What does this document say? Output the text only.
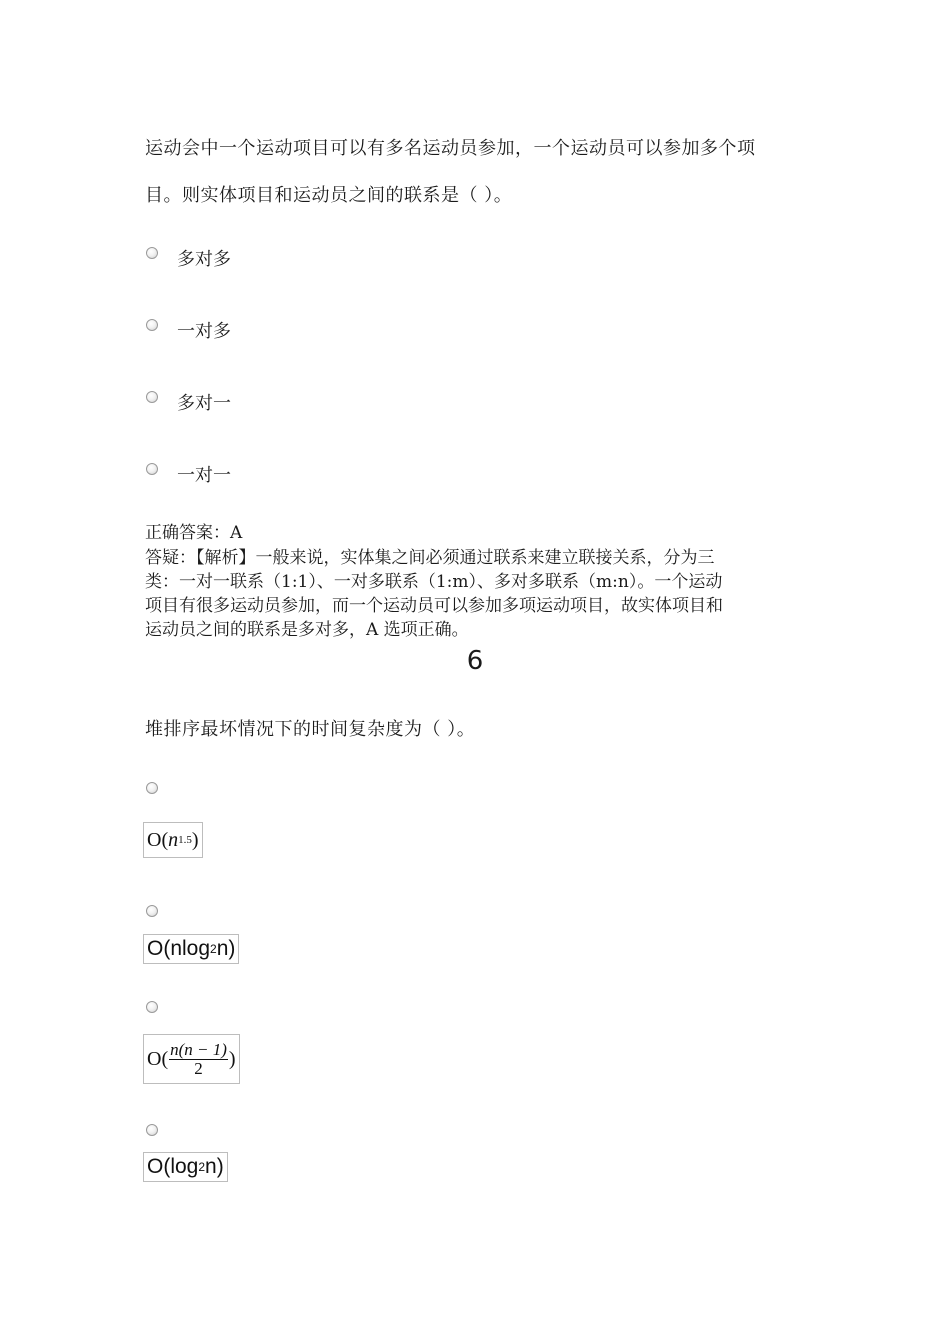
运动会中一个运动项目可以有多名运动员参加，一个运动员可以参加多个项
目。则实体项目和运动员之间的联系是（ ）。
多对多
一对多
多对一
一对一
正确答案：A
答疑：【解析】一般来说，实体集之间必须通过联系来建立联接关系，分为三
类：一对一联系（1:1）、一对多联系（1:m）、多对多联系（m:n）。一个运动
项目有很多运动员参加，而一个运动员可以参加多项运动项目，故实体项目和
运动员之间的联系是多对多，A 选项正确。
6
堆排序最坏情况下的时间复杂度为（ ）。
O( n 1.5 )
O(nlog 2 n)
$O( \frac{n(n - 1)}{2}$ )
O(log 2 n)
